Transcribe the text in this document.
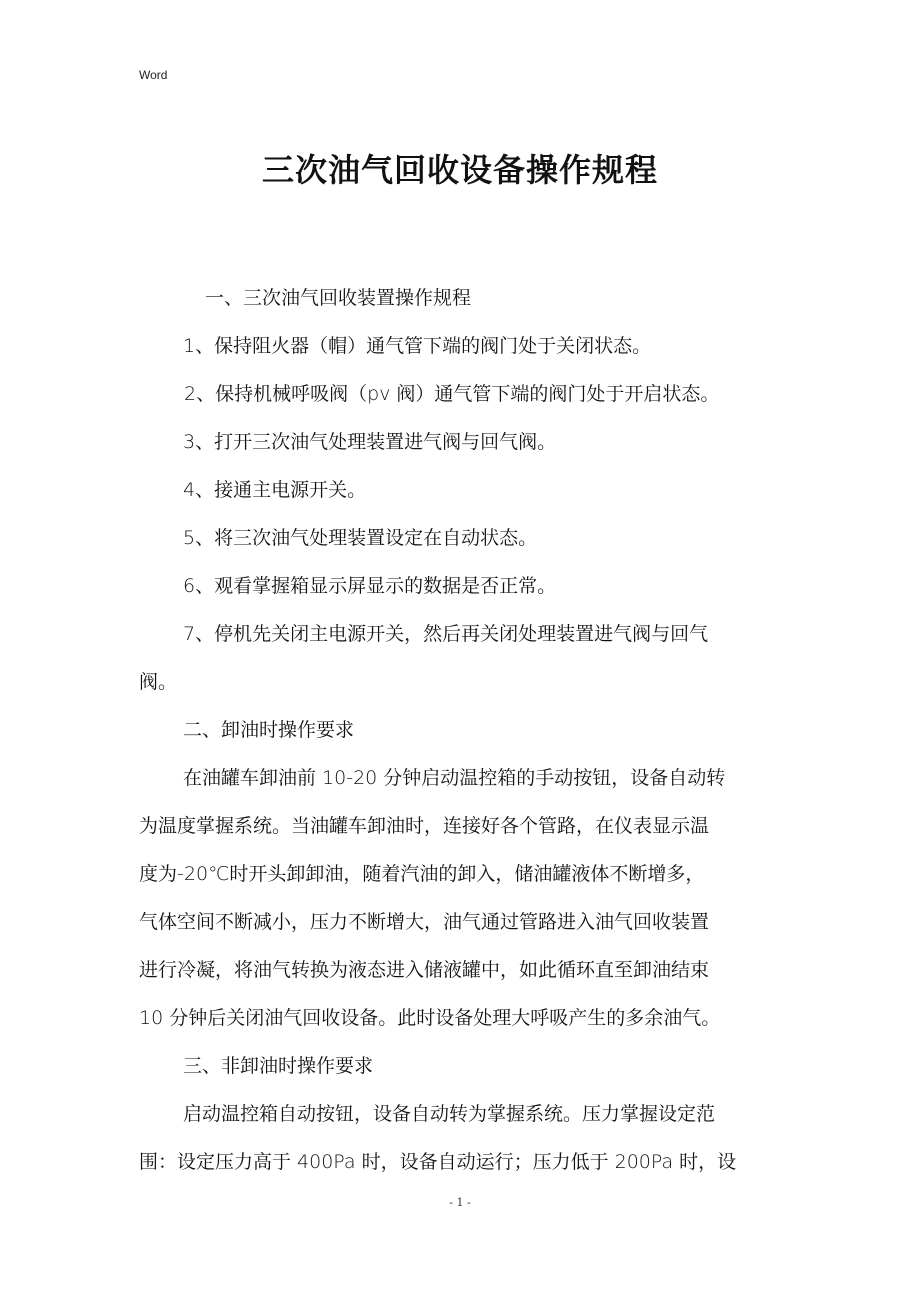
Word
三次油气回收设备操作规程
一、三次油气回收装置操作规程
1、保持阻火器（帽）通气管下端的阀门处于关闭状态。
2、保持机械呼吸阀（pv 阀）通气管下端的阀门处于开启状态。
3、打开三次油气处理装置进气阀与回气阀。
4、接通主电源开关。
5、将三次油气处理装置设定在自动状态。
6、观看掌握箱显示屏显示的数据是否正常。
7、停机先关闭主电源开关，然后再关闭处理装置进气阀与回气
阀。
二、卸油时操作要求
在油罐车卸油前 10-20 分钟启动温控箱的手动按钮，设备自动转
为温度掌握系统。当油罐车卸油时，连接好各个管路，在仪表显示温
度为-20℃时开头卸卸油，随着汽油的卸入，储油罐液体不断增多，
气体空间不断减小，压力不断增大，油气通过管路进入油气回收装置
进行冷凝，将油气转换为液态进入储液罐中，如此循环直至卸油结束
10 分钟后关闭油气回收设备。此时设备处理大呼吸产生的多余油气。
三、非卸油时操作要求
启动温控箱自动按钮，设备自动转为掌握系统。压力掌握设定范
围：设定压力高于 400Pa 时，设备自动运行；压力低于 200Pa 时，设
- 1 -
